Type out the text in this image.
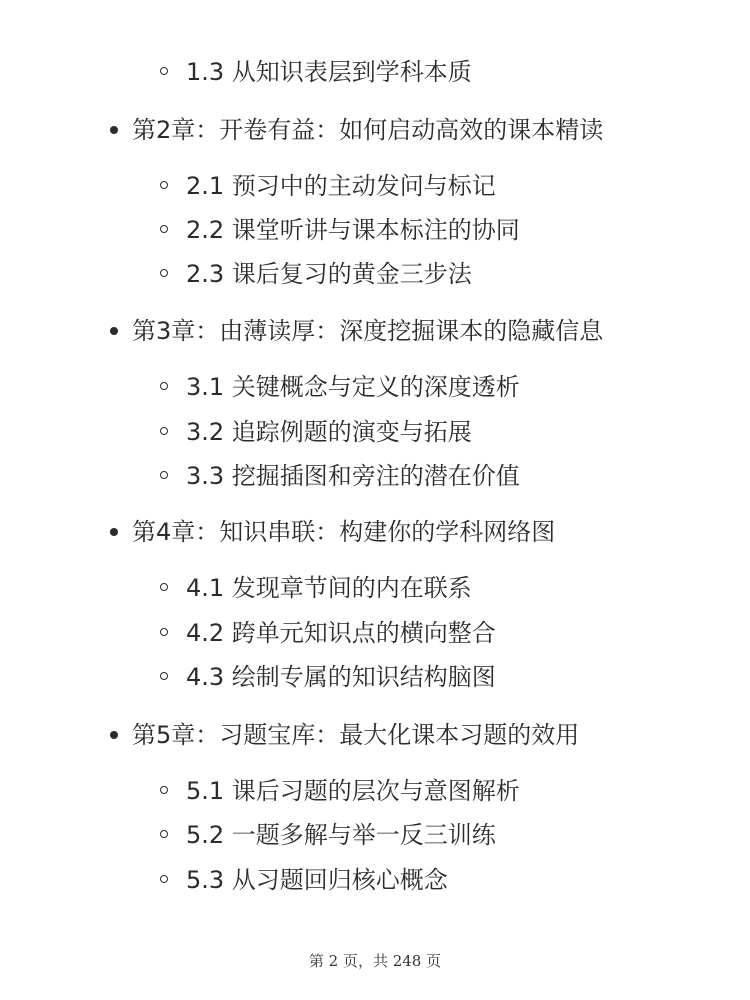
1.3 从知识表层到学科本质
第2章：开卷有益：如何启动高效的课本精读
2.1 预习中的主动发问与标记
2.2 课堂听讲与课本标注的协同
2.3 课后复习的黄金三步法
第3章：由薄读厚：深度挖掘课本的隐藏信息
3.1 关键概念与定义的深度透析
3.2 追踪例题的演变与拓展
3.3 挖掘插图和旁注的潜在价值
第4章：知识串联：构建你的学科网络图
4.1 发现章节间的内在联系
4.2 跨单元知识点的横向整合
4.3 绘制专属的知识结构脑图
第5章：习题宝库：最大化课本习题的效用
5.1 课后习题的层次与意图解析
5.2 一题多解与举一反三训练
5.3 从习题回归核心概念
第 2 页，共 248 页
